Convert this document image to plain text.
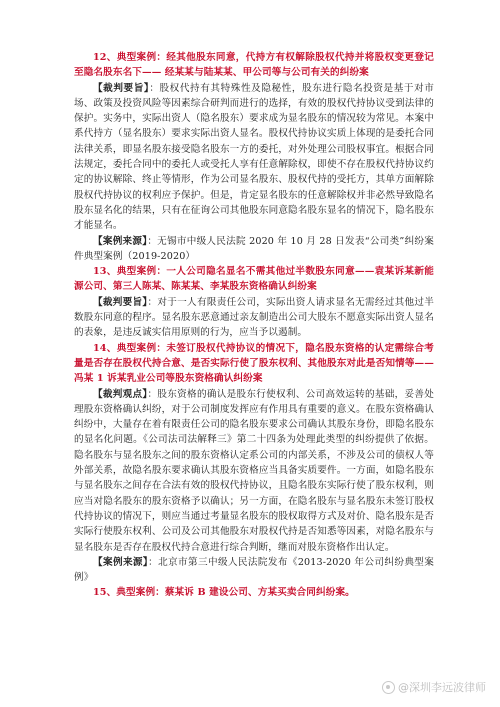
12、典型案例：经其他股东同意，代持方有权解除股权代持并将股权变更登记至隐名股东名下—— 经某某与陆某某、甲公司等与公司有关的纠纷案

【裁判要旨】：股权代持有其特殊性及隐秘性，股东进行隐名投资是基于对市场、政策及投资风险等因素综合研判而进行的选择，有效的股权代持协议受到法律的保护。实务中，实际出资人（隐名股东）要求成为显名股东的情况较为常见。本案中系代持方（显名股东）要求实际出资人显名。股权代持协议实质上体现的是委托合同法律关系，即显名股东接受隐名股东一方的委托，对外处理公司股权事宜。根据合同法规定，委托合同中的委托人或受托人享有任意解除权，即使不存在股权代持协议约定的协议解除、终止等情形，作为公司显名股东、股权代持的受托方，其单方面解除股权代持协议的权利应予保护。但是，肯定显名股东的任意解除权并非必然导致隐名股东显名化的结果，只有在征询公司其他股东同意隐名股东显名的情况下，隐名股东才能显名。

【案例来源】：无锡市中级人民法院 2020 年 10 月 28 日发表“公司类”纠纷案件典型案例（2019-2020）

13、典型案例：一人公司隐名显名不需其他过半数股东同意——袁某诉某新能源公司、第三人陈某、陈某某、李某股东资格确认纠纷案

【裁判要旨】：对于一人有限责任公司，实际出资人请求显名无需经过其他过半数股东同意的程序。显名股东恶意通过亲友制造出公司大股东不愿意实际出资人显名的表象，是违反诚实信用原则的行为，应当予以遏制。

14、典型案例：未签订股权代持协议的情况下，隐名股东资格的认定需综合考量是否存在股权代持合意、是否实际行使了股东权利、其他股东对此是否知情等——冯某 1 诉某乳业公司等股东资格确认纠纷案

【裁判观点】：股东资格的确认是股东行使权利、公司高效运转的基础，妥善处理股东资格确认纠纷，对于公司制度发挥应有作用具有重要的意义。在股东资格确认纠纷中，大量存在着有限责任公司的隐名股东要求公司确认其股东身份，即隐名股东的显名化问题。《公司法司法解释三》第二十四条为处理此类型的纠纷提供了依据。隐名股东与显名股东之间的股东资格认定系公司的内部关系，不涉及公司的债权人等外部关系，故隐名股东要求确认其股东资格应当具备实质要件。一方面，如隐名股东与显名股东之间存在合法有效的股权代持协议，且隐名股东实际行使了股东权利，则应当对隐名股东的股东资格予以确认；另一方面，在隐名股东与显名股东未签订股权代持协议的情况下，则应当通过考量显名股东的股权取得方式及对价、隐名股东是否实际行使股东权利、公司及公司其他股东对股权代持是否知悉等因素，对隐名股东与显名股东是否存在股权代持合意进行综合判断，继而对股东资格作出认定。

【案例来源】：北京市第三中级人民法院发布《2013-2020 年公司纠纷典型案例》

15、典型案例：蔡某诉 B 建设公司、方某买卖合同纠纷案。

@深圳李远波律师
